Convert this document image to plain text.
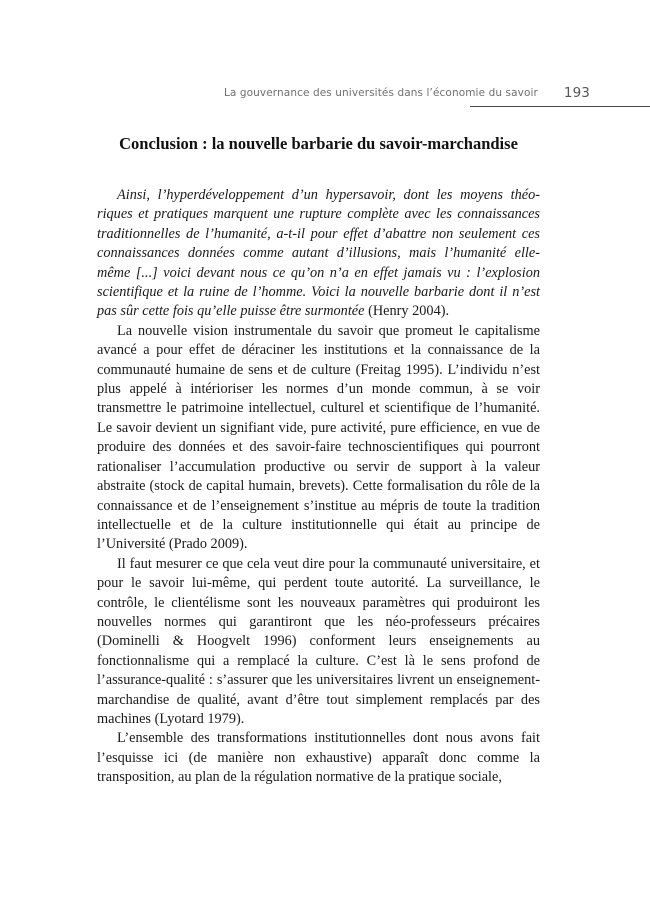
La gouvernance des universités dans l’économie du savoir 193
Conclusion : la nouvelle barbarie du savoir-marchandise

Ainsi, l’hyperdéveloppement d’un hypersavoir, dont les moyens théoriques et pratiques marquent une rupture complète avec les connaissances traditionnelles de l’humanité, a-t-il pour effet d’abattre non seulement ces connaissances données comme autant d’illusions, mais l’humanité elle-même [...] voici devant nous ce qu’on n’a en effet jamais vu : l’explosion scientifique et la ruine de l’homme. Voici la nouvelle barbarie dont il n’est pas sûr cette fois qu’elle puisse être surmontée (Henry 2004).

La nouvelle vision instrumentale du savoir que promeut le capitalisme avancé a pour effet de déraciner les institutions et la connaissance de la communauté humaine de sens et de culture (Freitag 1995). L’individu n’est plus appelé à intérioriser les normes d’un monde commun, à se voir transmettre le patrimoine intellectuel, culturel et scientifique de l’humanité. Le savoir devient un signifiant vide, pure activité, pure efficience, en vue de produire des données et des savoir-faire technoscientifiques qui pourront rationaliser l’accumulation productive ou servir de support à la valeur abstraite (stock de capital humain, brevets). Cette formalisation du rôle de la connaissance et de l’enseignement s’institue au mépris de toute la tradition intellectuelle et de la culture institutionnelle qui était au principe de l’Université (Prado 2009).

Il faut mesurer ce que cela veut dire pour la communauté universitaire, et pour le savoir lui-même, qui perdent toute autorité. La surveillance, le contrôle, le clientélisme sont les nouveaux paramètres qui produiront les nouvelles normes qui garantiront que les néo-professeurs précaires (Dominelli & Hoogvelt 1996) conforment leurs enseignements au fonctionnalisme qui a remplacé la culture. C’est là le sens profond de l’assurance-qualité : s’assurer que les universitaires livrent un enseignement-marchandise de qualité, avant d’être tout simplement remplacés par des machines (Lyotard 1979).

L’ensemble des transformations institutionnelles dont nous avons fait l’esquisse ici (de manière non exhaustive) apparaît donc comme la transposition, au plan de la régulation normative de la pratique sociale,
